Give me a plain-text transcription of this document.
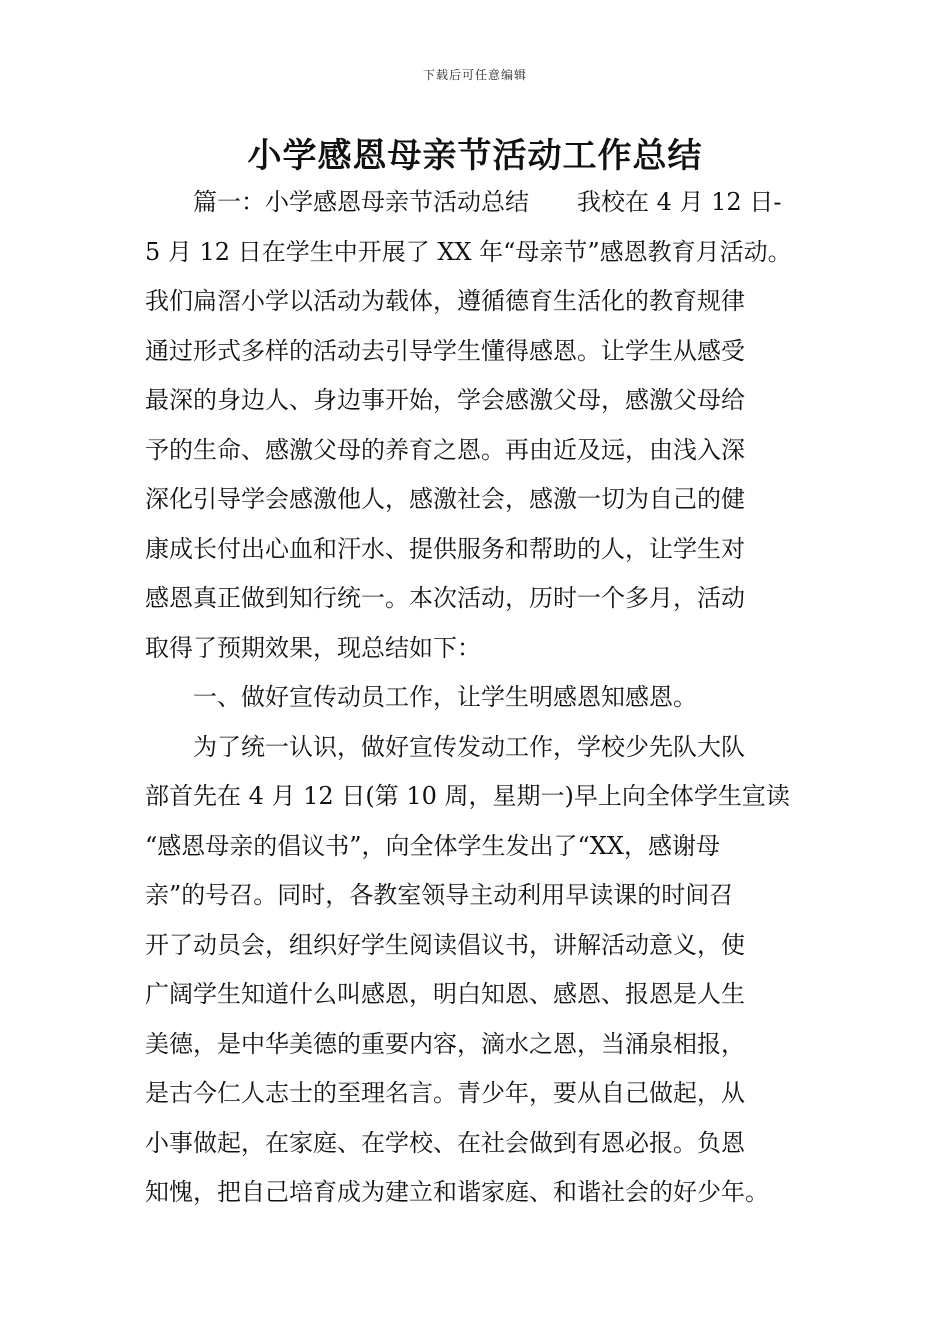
下载后可任意编辑
小学感恩母亲节活动工作总结
　　篇一：小学感恩母亲节活动总结　　我校在 4 月 12 日-
5 月 12 日在学生中开展了 XX 年“母亲节”感恩教育月活动。
我们扁滘小学以活动为载体，遵循德育生活化的教育规律
通过形式多样的活动去引导学生懂得感恩。让学生从感受
最深的身边人、身边事开始，学会感激父母，感激父母给
予的生命、感激父母的养育之恩。再由近及远，由浅入深
深化引导学会感激他人，感激社会，感激一切为自己的健
康成长付出心血和汗水、提供服务和帮助的人，让学生对
感恩真正做到知行统一。本次活动，历时一个多月，活动
取得了预期效果，现总结如下：
　　一、做好宣传动员工作，让学生明感恩知感恩。
　　为了统一认识，做好宣传发动工作，学校少先队大队
部首先在 4 月 12 日(第 10 周，星期一)早上向全体学生宣读
“感恩母亲的倡议书”，向全体学生发出了“XX，感谢母
亲”的号召。同时，各教室领导主动利用早读课的时间召
开了动员会，组织好学生阅读倡议书，讲解活动意义，使
广阔学生知道什么叫感恩，明白知恩、感恩、报恩是人生
美德，是中华美德的重要内容，滴水之恩，当涌泉相报，
是古今仁人志士的至理名言。青少年，要从自己做起，从
小事做起，在家庭、在学校、在社会做到有恩必报。负恩
知愧，把自己培育成为建立和谐家庭、和谐社会的好少年。
